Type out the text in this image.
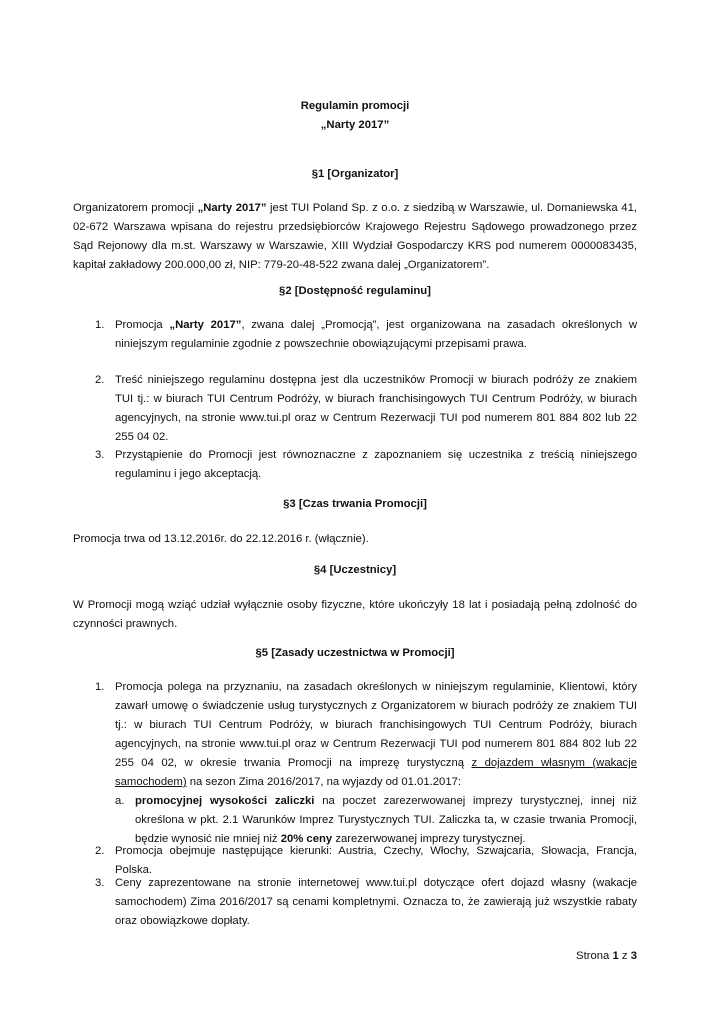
Regulamin promocji
„Narty 2017”
§1 [Organizator]
Organizatorem promocji „Narty 2017” jest TUI Poland Sp. z o.o. z siedzibą w Warszawie, ul. Domaniewska 41, 02-672 Warszawa wpisana do rejestru przedsiębiorców Krajowego Rejestru Sądowego prowadzonego przez Sąd Rejonowy dla m.st. Warszawy w Warszawie, XIII Wydział Gospodarczy KRS pod numerem 0000083435, kapitał zakładowy 200.000,00 zł, NIP: 779-20-48-522 zwana dalej „Organizatorem”.
§2 [Dostępność regulaminu]
1. Promocja „Narty 2017”, zwana dalej „Promocją”, jest organizowana na zasadach określonych w niniejszym regulaminie zgodnie z powszechnie obowiązującymi przepisami prawa.
2. Treść niniejszego regulaminu dostępna jest dla uczestników Promocji w biurach podróży ze znakiem TUI tj.: w biurach TUI Centrum Podróży, w biurach franchisingowych TUI Centrum Podróży, w biurach agencyjnych, na stronie www.tui.pl oraz w Centrum Rezerwacji TUI pod numerem 801 884 802 lub 22 255 04 02.
3. Przystąpienie do Promocji jest równoznaczne z zapoznaniem się uczestnika z treścią niniejszego regulaminu i jego akceptacją.
§3 [Czas trwania Promocji]
Promocja trwa od 13.12.2016r. do 22.12.2016 r. (włącznie).
§4 [Uczestnicy]
W Promocji mogą wziąć udział wyłącznie osoby fizyczne, które ukończyły 18 lat i posiadają pełną zdolność do czynności prawnych.
§5 [Zasady uczestnictwa w Promocji]
1. Promocja polega na przyznaniu, na zasadach określonych w niniejszym regulaminie, Klientowi, który zawarł umowę o świadczenie usług turystycznych z Organizatorem w biurach podróży ze znakiem TUI tj.: w biurach TUI Centrum Podróży, w biurach franchisingowych TUI Centrum Podróży, biurach agencyjnych, na stronie www.tui.pl oraz w Centrum Rezerwacji TUI pod numerem 801 884 802 lub 22 255 04 02, w okresie trwania Promocji na imprezę turystyczną z dojazdem własnym (wakacje samochodem) na sezon Zima 2016/2017, na wyjazdy od 01.01.2017:
a. promocyjnej wysokości zaliczki na poczet zarezerwowanej imprezy turystycznej, innej niż określona w pkt. 2.1 Warunków Imprez Turystycznych TUI. Zaliczka ta, w czasie trwania Promocji, będzie wynosić nie mniej niż 20% ceny zarezerwowanej imprezy turystycznej.
2. Promocja obejmuje następujące kierunki: Austria, Czechy, Włochy, Szwajcaria, Słowacja, Francja, Polska.
3. Ceny zaprezentowane na stronie internetowej www.tui.pl dotyczące ofert dojazd własny (wakacje samochodem) Zima 2016/2017 są cenami kompletnymi. Oznacza to, że zawierają już wszystkie rabaty oraz obowiązkowe dopłaty.
Strona 1 z 3
